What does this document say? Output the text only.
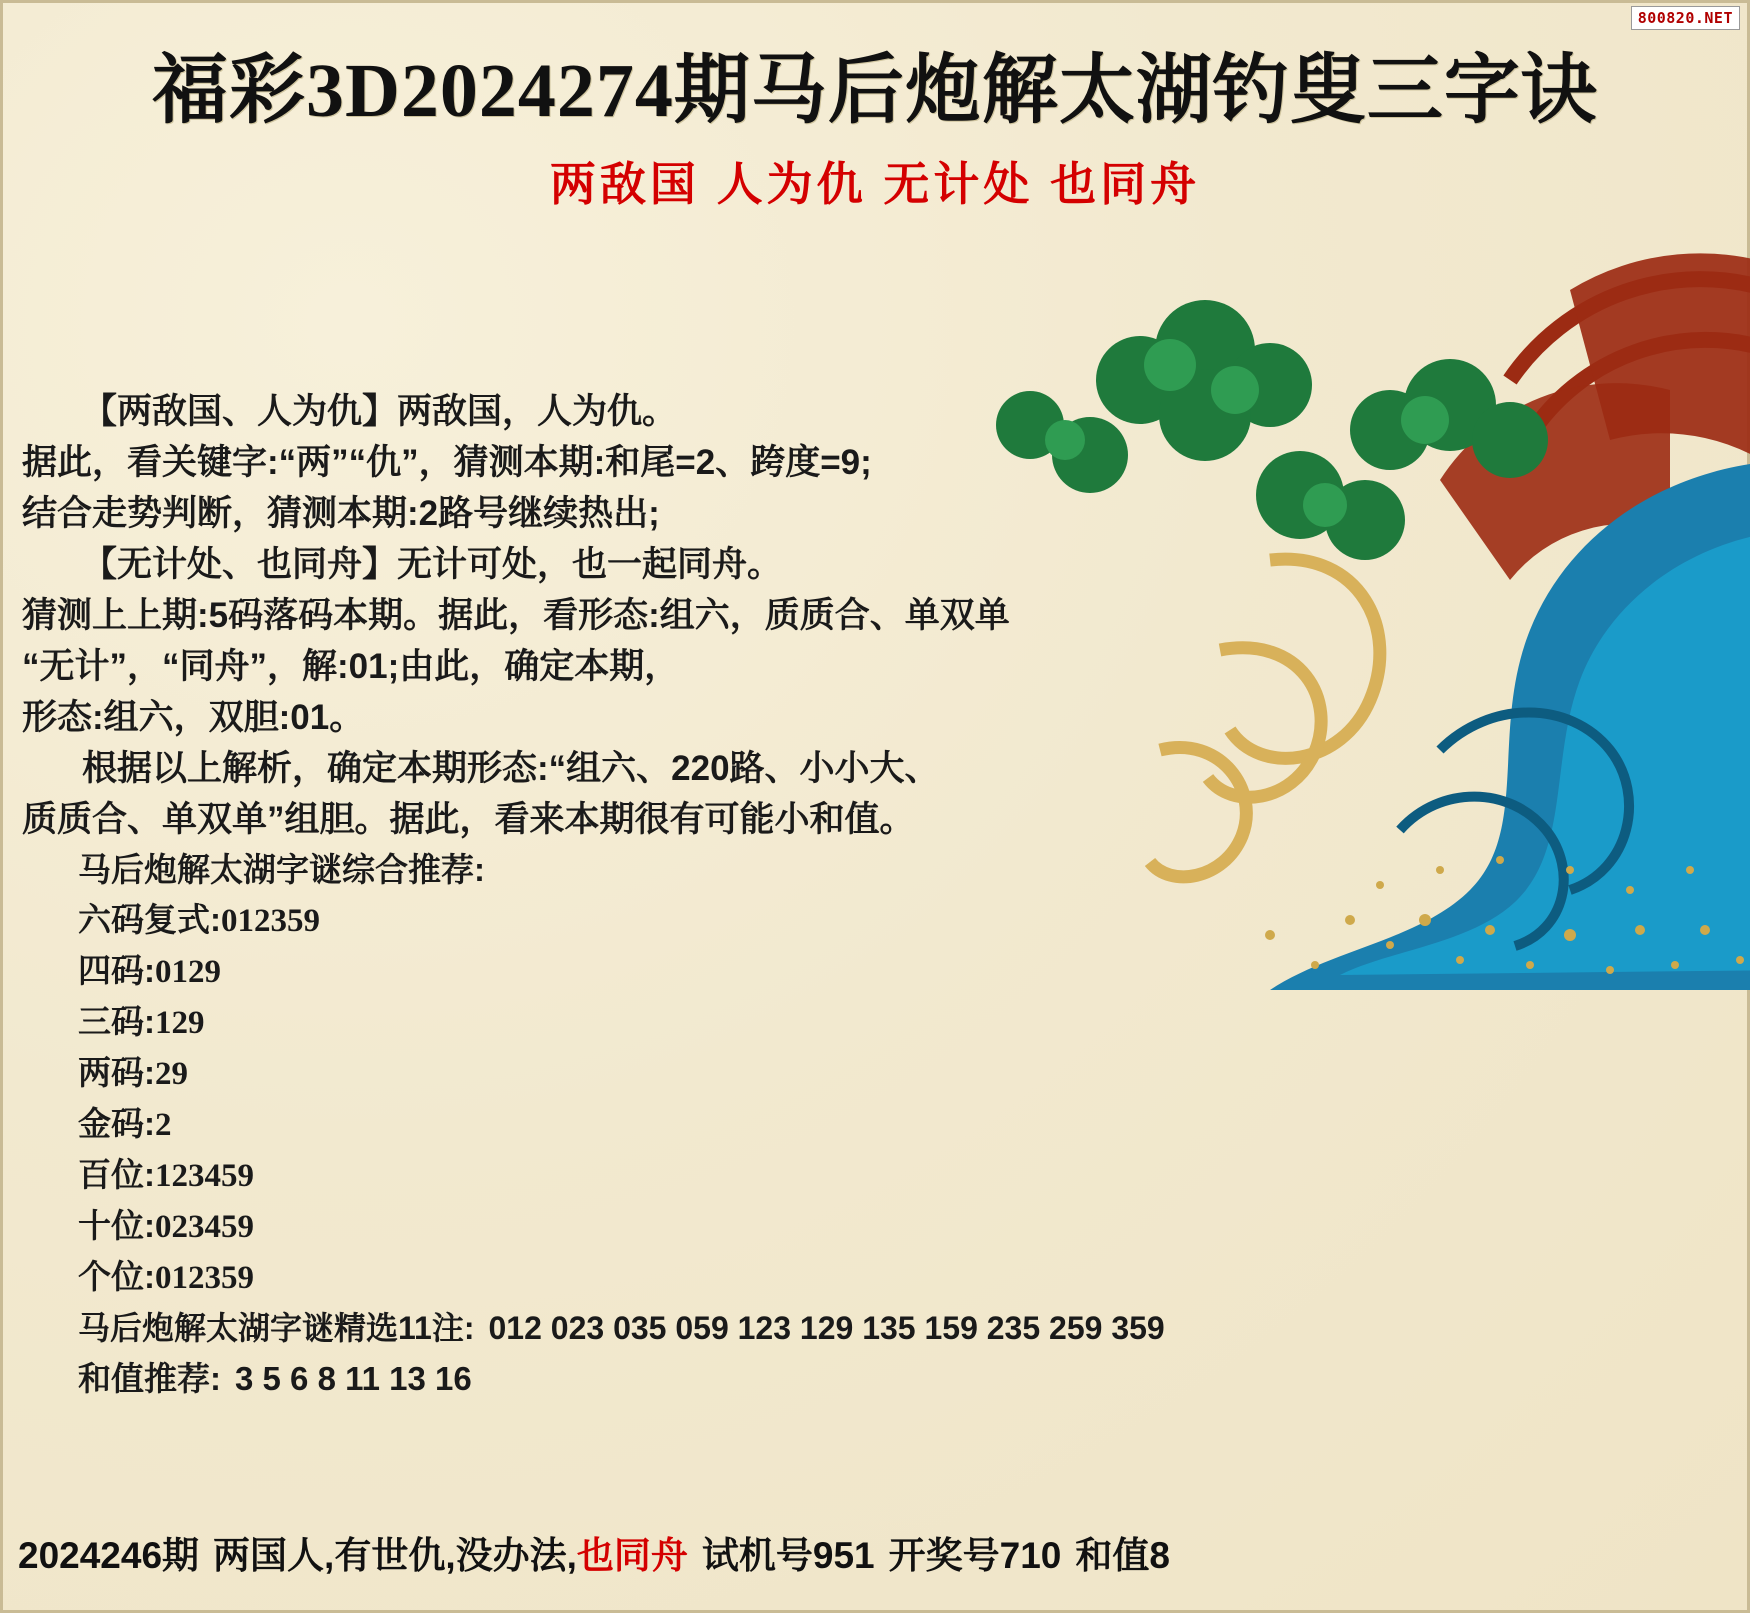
800820.NET
福彩3D2024274期马后炮解太湖钓叟三字诀
两敌国 人为仇 无计处 也同舟
【两敌国、人为仇】两敌国，人为仇。
据此，看关键字:“两”“仇”，猜测本期:和尾=2、跨度=9;
结合走势判断，猜测本期:2路号继续热出;
【无计处、也同舟】无计可处，也一起同舟。
猜测上上期:5码落码本期。据此，看形态:组六，质质合、单双单
“无计”，“同舟”，解:01;由此，确定本期，
形态:组六，双胆:01。
根据以上解析，确定本期形态:“组六、220路、小小大、
质质合、单双单”组胆。据此，看来本期很有可能小和值。
马后炮解太湖字谜综合推荐:
六码复式:012359
四码:0129
三码:129
两码:29
金码:2
百位:123459
十位:023459
个位:012359
马后炮解太湖字谜精选11注: 012 023 035 059 123 129 135 159 235 259 359
和值推荐: 3 5 6 8 11 13 16
2024246期 两国人,有世仇,没办法,也同舟 试机号951 开奖号710 和值8
